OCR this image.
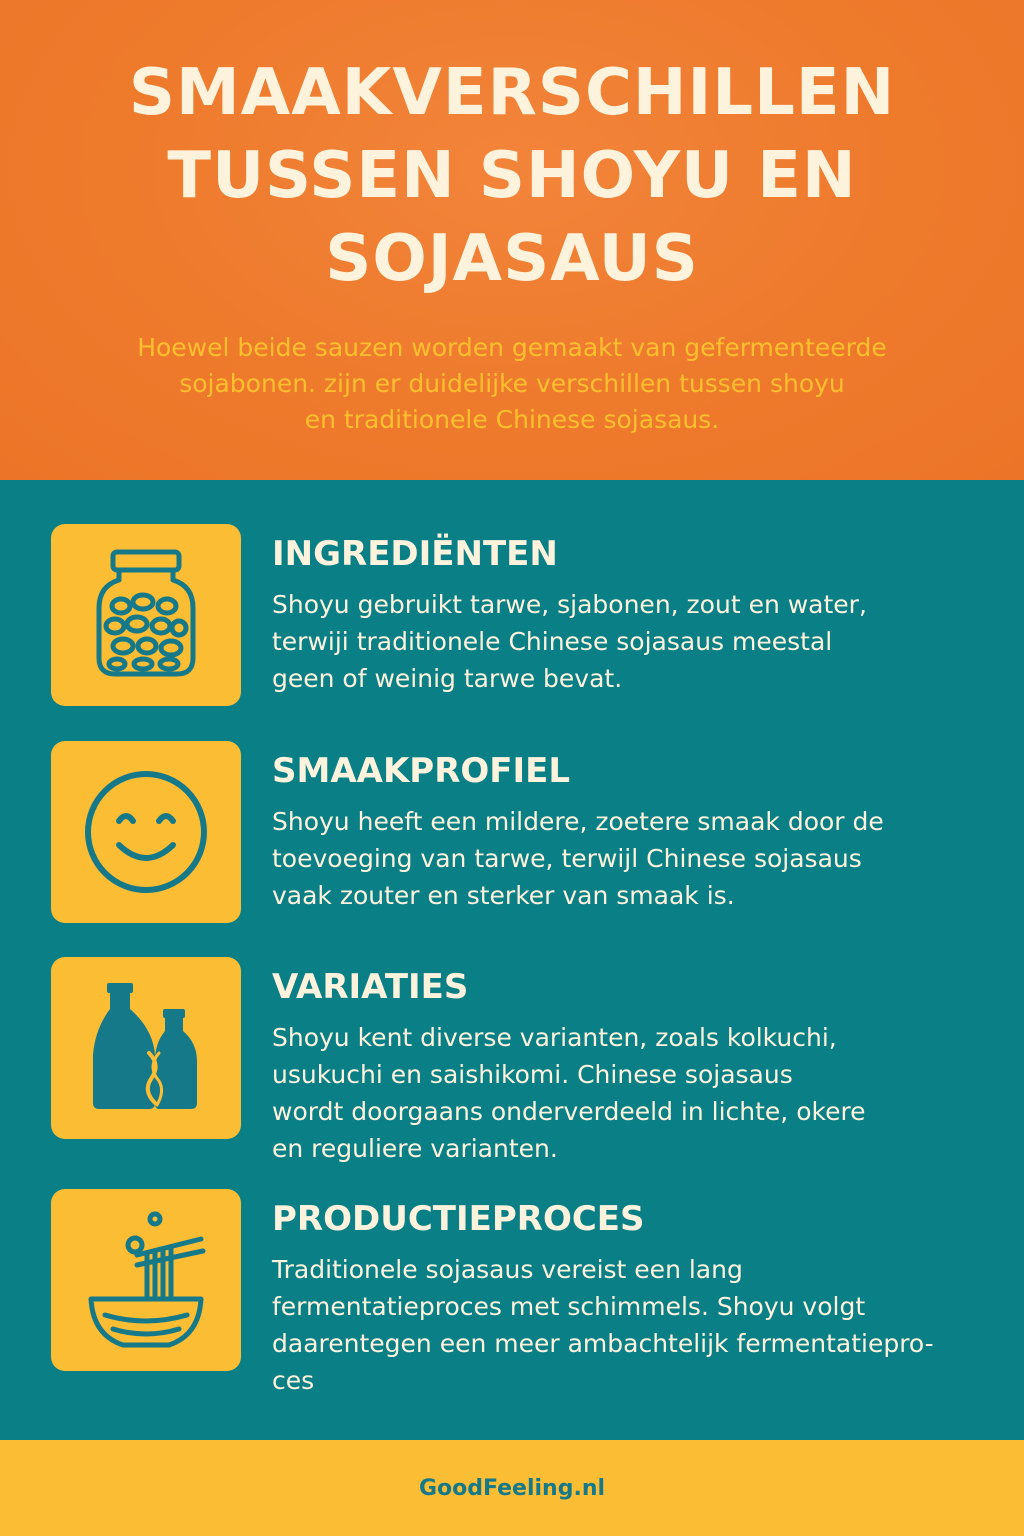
SMAAKVERSCHILLEN
TUSSEN SHOYU EN
SOJASAUS

Hoewel beide sauzen worden gemaakt van gefermenteerde
sojabonen. zijn er duidelijke verschillen tussen shoyu
en traditionele Chinese sojasaus.

INGREDIËNTEN

Shoyu gebruikt tarwe, sjabonen, zout en water,
terwiji traditionele Chinese sojasaus meestal
geen of weinig tarwe bevat.

SMAAKPROFIEL

Shoyu heeft een mildere, zoetere smaak door de
toevoeging van tarwe, terwijl Chinese sojasaus
vaak zouter en sterker van smaak is.

VARIATIES

Shoyu kent diverse varianten, zoals kolkuchi,
usukuchi en saishikomi. Chinese sojasaus
wordt doorgaans onderverdeeld in lichte, okere
en reguliere varianten.

PRODUCTIEPROCES

Traditionele sojasaus vereist een lang
fermentatieproces met schimmels. Shoyu volgt
daarentegen een meer ambachtelijk fermentatiepro-
ces

GoodFeeling.nl
